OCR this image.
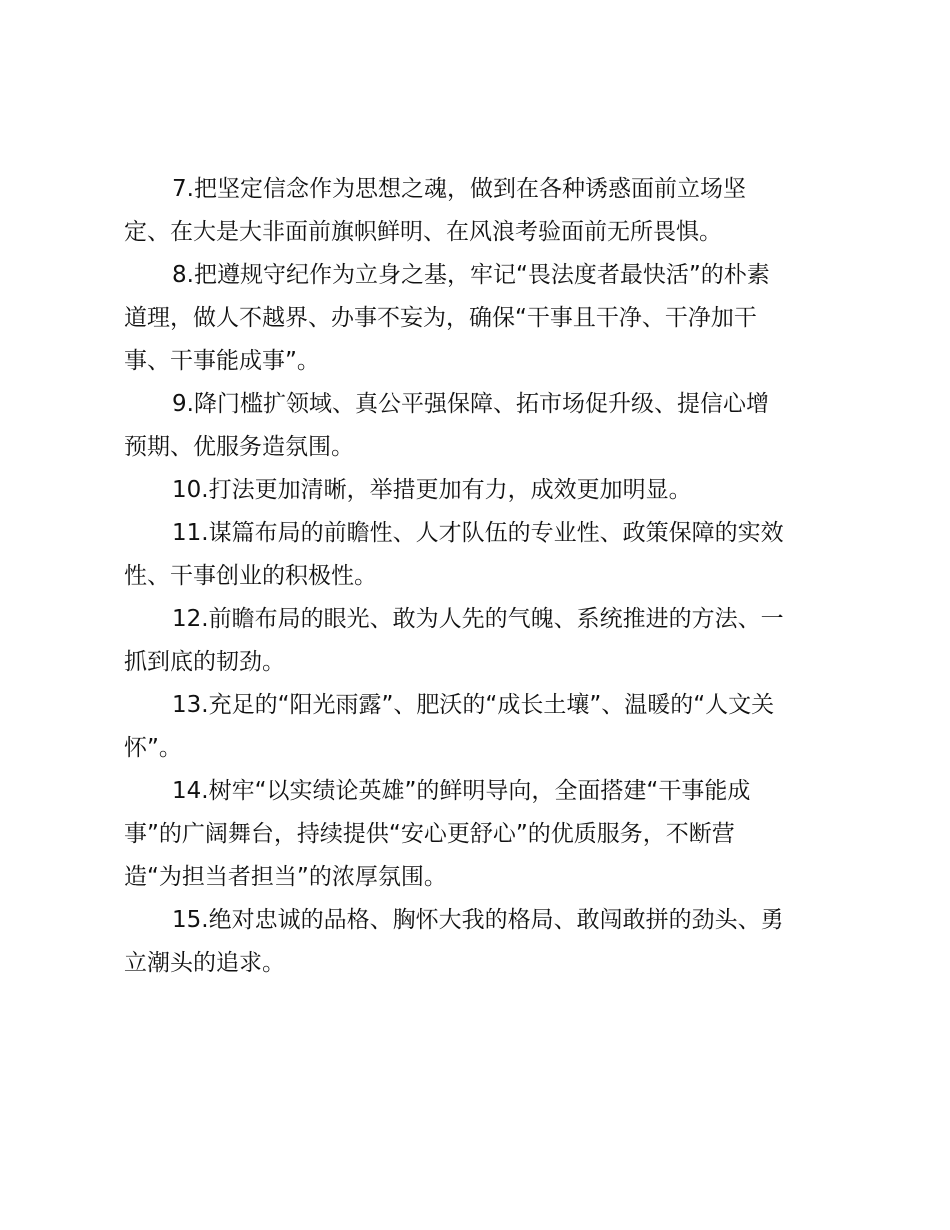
7.把坚定信念作为思想之魂，做到在各种诱惑面前立场坚
定、在大是大非面前旗帜鲜明、在风浪考验面前无所畏惧。

8.把遵规守纪作为立身之基，牢记“畏法度者最快活”的朴素
道理，做人不越界、办事不妄为，确保“干事且干净、干净加干
事、干事能成事”。

9.降门槛扩领域、真公平强保障、拓市场促升级、提信心增
预期、优服务造氛围。

10.打法更加清晰，举措更加有力，成效更加明显。

11.谋篇布局的前瞻性、人才队伍的专业性、政策保障的实效
性、干事创业的积极性。

12.前瞻布局的眼光、敢为人先的气魄、系统推进的方法、一
抓到底的韧劲。

13.充足的“阳光雨露”、肥沃的“成长土壤”、温暖的“人文关
怀”。

14.树牢“以实绩论英雄”的鲜明导向，全面搭建“干事能成
事”的广阔舞台，持续提供“安心更舒心”的优质服务，不断营
造“为担当者担当”的浓厚氛围。

15.绝对忠诚的品格、胸怀大我的格局、敢闯敢拼的劲头、勇
立潮头的追求。
